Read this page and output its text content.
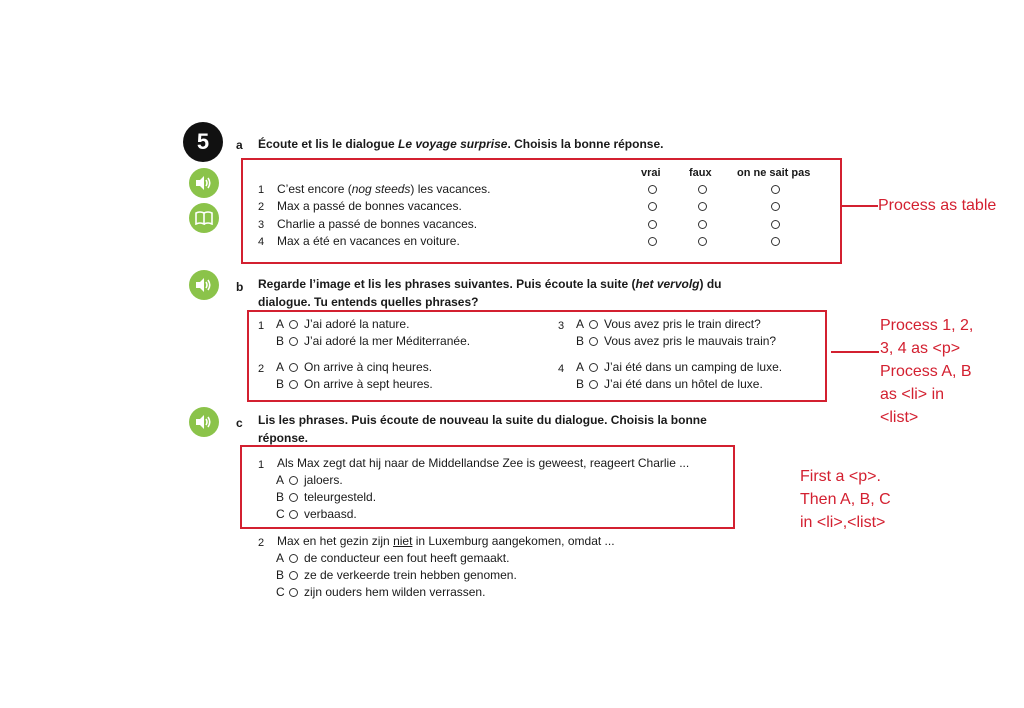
5	a Écoute et lis le dialogue Le voyage surprise. Choisis la bonne réponse.
Process as table
vrai	faux on ne sait pas
1 C’est encore (nog steeds) les vacances.
2 Max a passé de bonnes vacances.
3 Charlie a passé de bonnes vacances.
4 Max a été en vacances en voiture.
b Regarde l’image et lis les phrases suivantes. Puis écoute la suite (het vervolg) du
dialogue. Tu entends quelles phrases?
Process 1, 2,
3, 4 as <p>
Process A, B
as <li> in
<list>
1 A J’ai adoré la nature.
B J’ai adoré la mer Méditerranée.
2 A On arrive à cinq heures.
B On arrive à sept heures.
3 A Vous avez pris le train direct?
B Vous avez pris le mauvais train?
4 A J’ai été dans un camping de luxe.
B J’ai été dans un hôtel de luxe.
c Lis les phrases. Puis écoute de nouveau la suite du dialogue. Choisis la bonne
réponse.
First a <p>.
Then A, B, C
in <li>,<list>
1 Als Max zegt dat hij naar de Middellandse Zee is geweest, reageert Charlie ...
A jaloers.
B teleurgesteld.
C verbaasd.
2 Max en het gezin zijn niet in Luxemburg aangekomen, omdat ...
A de conducteur een fout heeft gemaakt.
B ze de verkeerde trein hebben genomen.
C zijn ouders hem wilden verrassen.
